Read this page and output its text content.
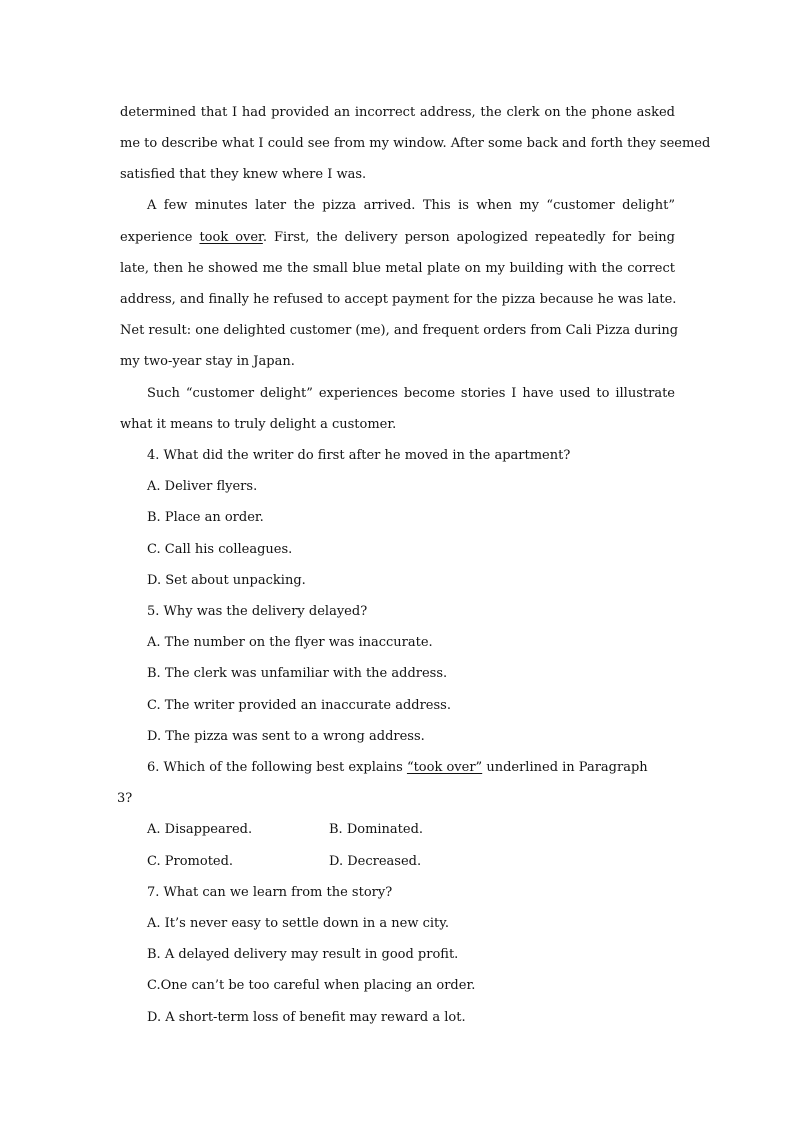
determined that I had provided an incorrect address, the clerk on the phone asked
me to describe what I could see from my window. After some back and forth they seemed
satisfied that they knew where I was.
A few minutes later the pizza arrived. This is when my “customer delight”
experience took over. First, the delivery person apologized repeatedly for being
late, then he showed me the small blue metal plate on my building with the correct
address, and finally he refused to accept payment for the pizza because he was late.
Net result: one delighted customer (me), and frequent orders from Cali Pizza during
my two-year stay in Japan.
Such “customer delight” experiences become stories I have used to illustrate
what it means to truly delight a customer.
4. What did the writer do first after he moved in the apartment?
A. Deliver flyers.
B. Place an order.
C. Call his colleagues.
D. Set about unpacking.
5. Why was the delivery delayed?
A. The number on the flyer was inaccurate.
B. The clerk was unfamiliar with the address.
C. The writer provided an inaccurate address.
D. The pizza was sent to a wrong address.
6. Which of the following best explains “took over” underlined in Paragraph
3?
A. Disappeared.	B. Dominated.
C. Promoted.	D. Decreased.
7. What can we learn from the story?
A. It’s never easy to settle down in a new city.
B. A delayed delivery may result in good profit.
C.One can’t be too careful when placing an order.
D. A short-term loss of benefit may reward a lot.
